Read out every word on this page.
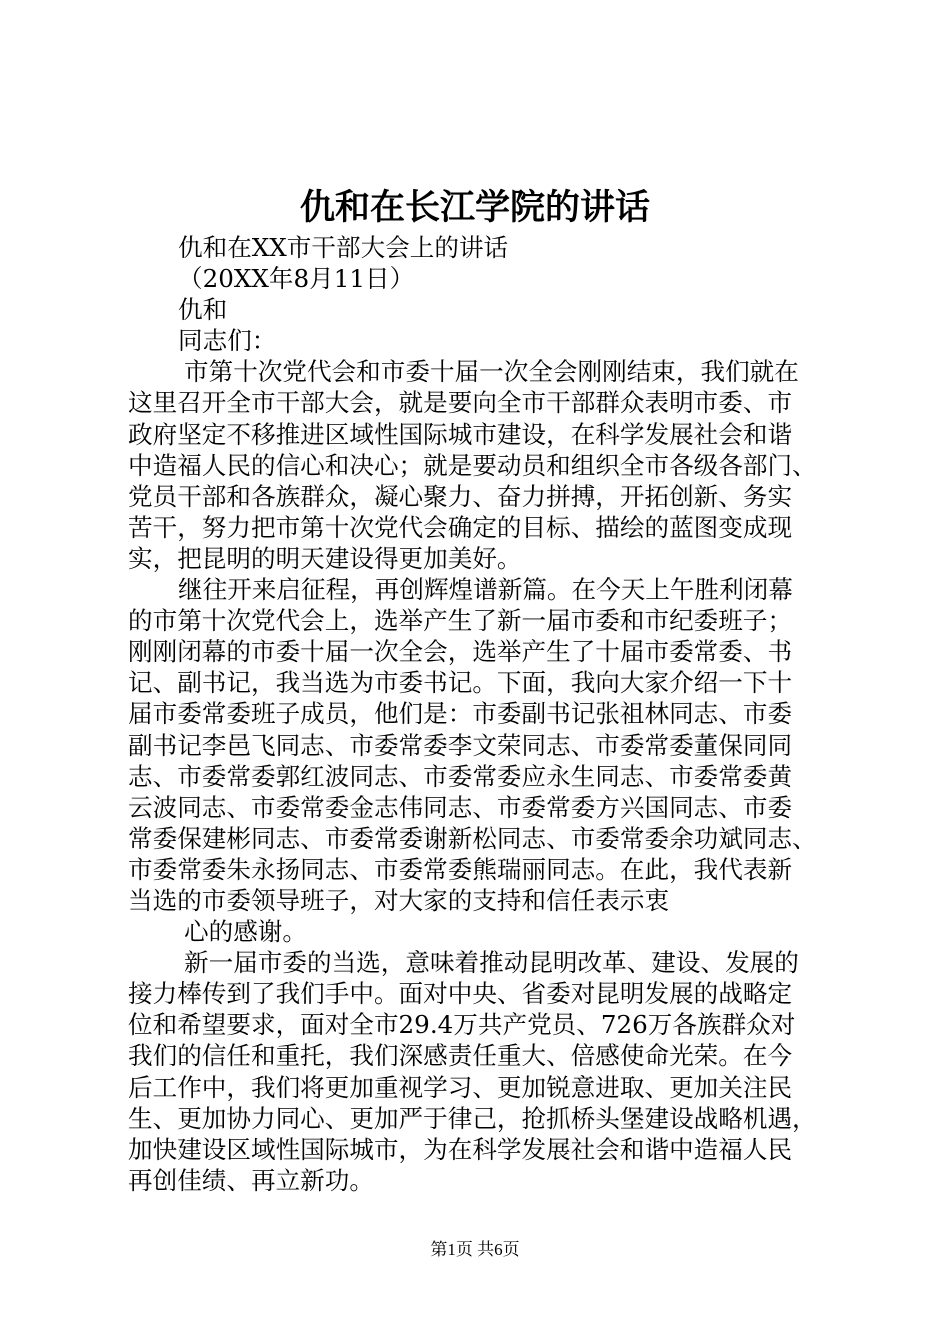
仇和在长江学院的讲话
仇和在XX市干部大会上的讲话
（20XX年8月11日）
仇和
同志们：
市第十次党代会和市委十届一次全会刚刚结束，我们就在
这里召开全市干部大会，就是要向全市干部群众表明市委、市
政府坚定不移推进区域性国际城市建设，在科学发展社会和谐
中造福人民的信心和决心；就是要动员和组织全市各级各部门、
党员干部和各族群众，凝心聚力、奋力拼搏，开拓创新、务实
苦干，努力把市第十次党代会确定的目标、描绘的蓝图变成现
实，把昆明的明天建设得更加美好。
继往开来启征程，再创辉煌谱新篇。在今天上午胜利闭幕
的市第十次党代会上，选举产生了新一届市委和市纪委班子；
刚刚闭幕的市委十届一次全会，选举产生了十届市委常委、书
记、副书记，我当选为市委书记。下面，我向大家介绍一下十
届市委常委班子成员，他们是：市委副书记张祖林同志、市委
副书记李邑飞同志、市委常委李文荣同志、市委常委董保同同
志、市委常委郭红波同志、市委常委应永生同志、市委常委黄
云波同志、市委常委金志伟同志、市委常委方兴国同志、市委
常委保建彬同志、市委常委谢新松同志、市委常委余功斌同志、
市委常委朱永扬同志、市委常委熊瑞丽同志。在此，我代表新
当选的市委领导班子，对大家的支持和信任表示衷
心的感谢。
新一届市委的当选，意味着推动昆明改革、建设、发展的
接力棒传到了我们手中。面对中央、省委对昆明发展的战略定
位和希望要求，面对全市29.4万共产党员、726万各族群众对
我们的信任和重托，我们深感责任重大、倍感使命光荣。在今
后工作中，我们将更加重视学习、更加锐意进取、更加关注民
生、更加协力同心、更加严于律己，抢抓桥头堡建设战略机遇，
加快建设区域性国际城市，为在科学发展社会和谐中造福人民
再创佳绩、再立新功。
第1页 共6页
